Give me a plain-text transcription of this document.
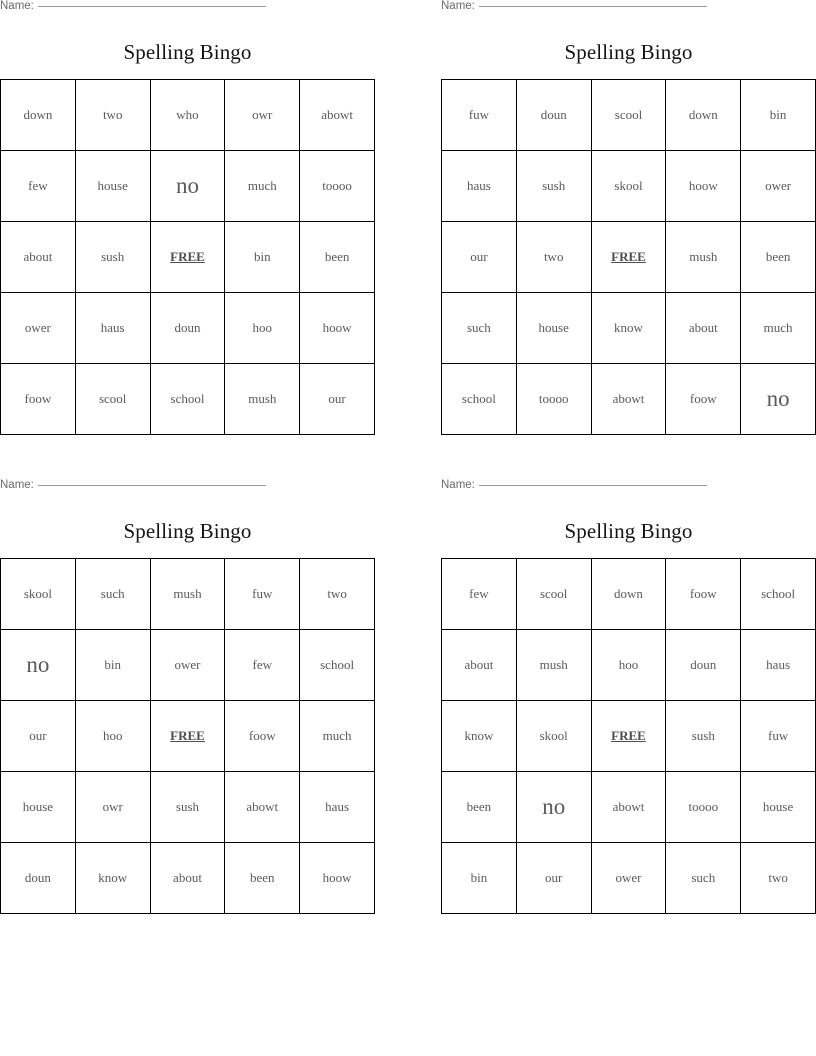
Name:
Spelling Bingo
down	two	who	owr	abowt
few	house	no	much	toooo
about	sush	FREE	bin	been
ower	haus	doun	hoo	hoow
foow	scool	school	mush	our
Name:
Spelling Bingo
fuw	doun	scool	down	bin
haus	sush	skool	hoow	ower
our	two	FREE	mush	been
such	house	know	about	much
school	toooo	abowt	foow	no
Name:
Spelling Bingo
skool	such	mush	fuw	two
no	bin	ower	few	school
our	hoo	FREE	foow	much
house	owr	sush	abowt	haus
doun	know	about	been	hoow
Name:
Spelling Bingo
few	scool	down	foow	school
about	mush	hoo	doun	haus
know	skool	FREE	sush	fuw
been	no	abowt	toooo	house
bin	our	ower	such	two
